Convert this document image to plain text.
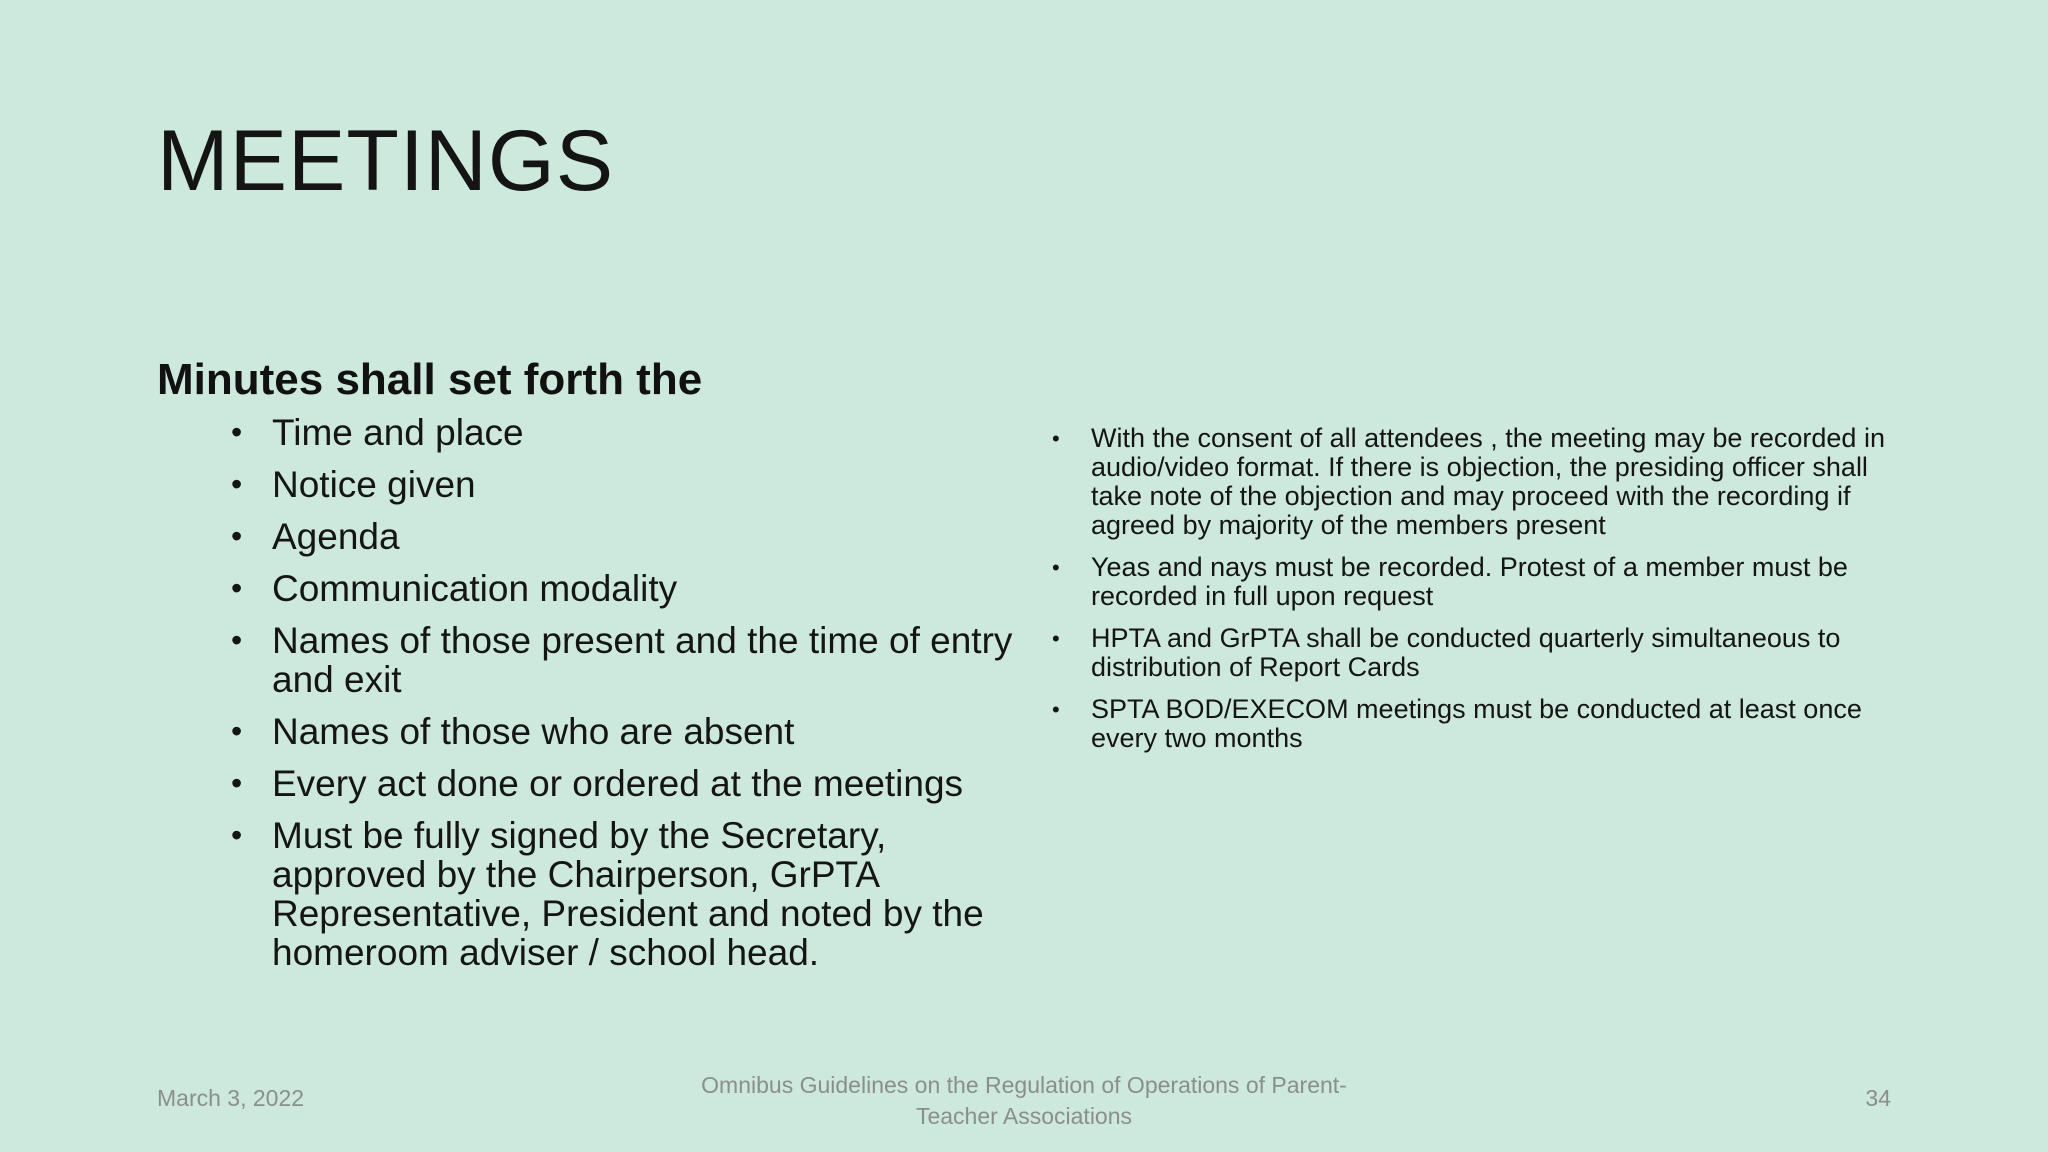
MEETINGS
Minutes shall set forth the
• Time and place
• Notice given
• Agenda
• Communication modality
• Names of those present and the time of entry and exit
• Names of those who are absent
• Every act done or ordered at the meetings
• Must be fully signed by the Secretary, approved by the Chairperson, GrPTA Representative, President and noted by the homeroom adviser / school head.
• With the consent of all attendees , the meeting may be recorded in audio/video format. If there is objection, the presiding officer shall take note of the objection and may proceed with the recording if agreed by majority of the members present
• Yeas and nays must be recorded. Protest of a member must be recorded in full upon request
• HPTA and GrPTA shall be conducted quarterly simultaneous to distribution of Report Cards
• SPTA BOD/EXECOM meetings must be conducted at least once every two months
March 3, 2022	Omnibus Guidelines on the Regulation of Operations of Parent-
Teacher Associations
34
